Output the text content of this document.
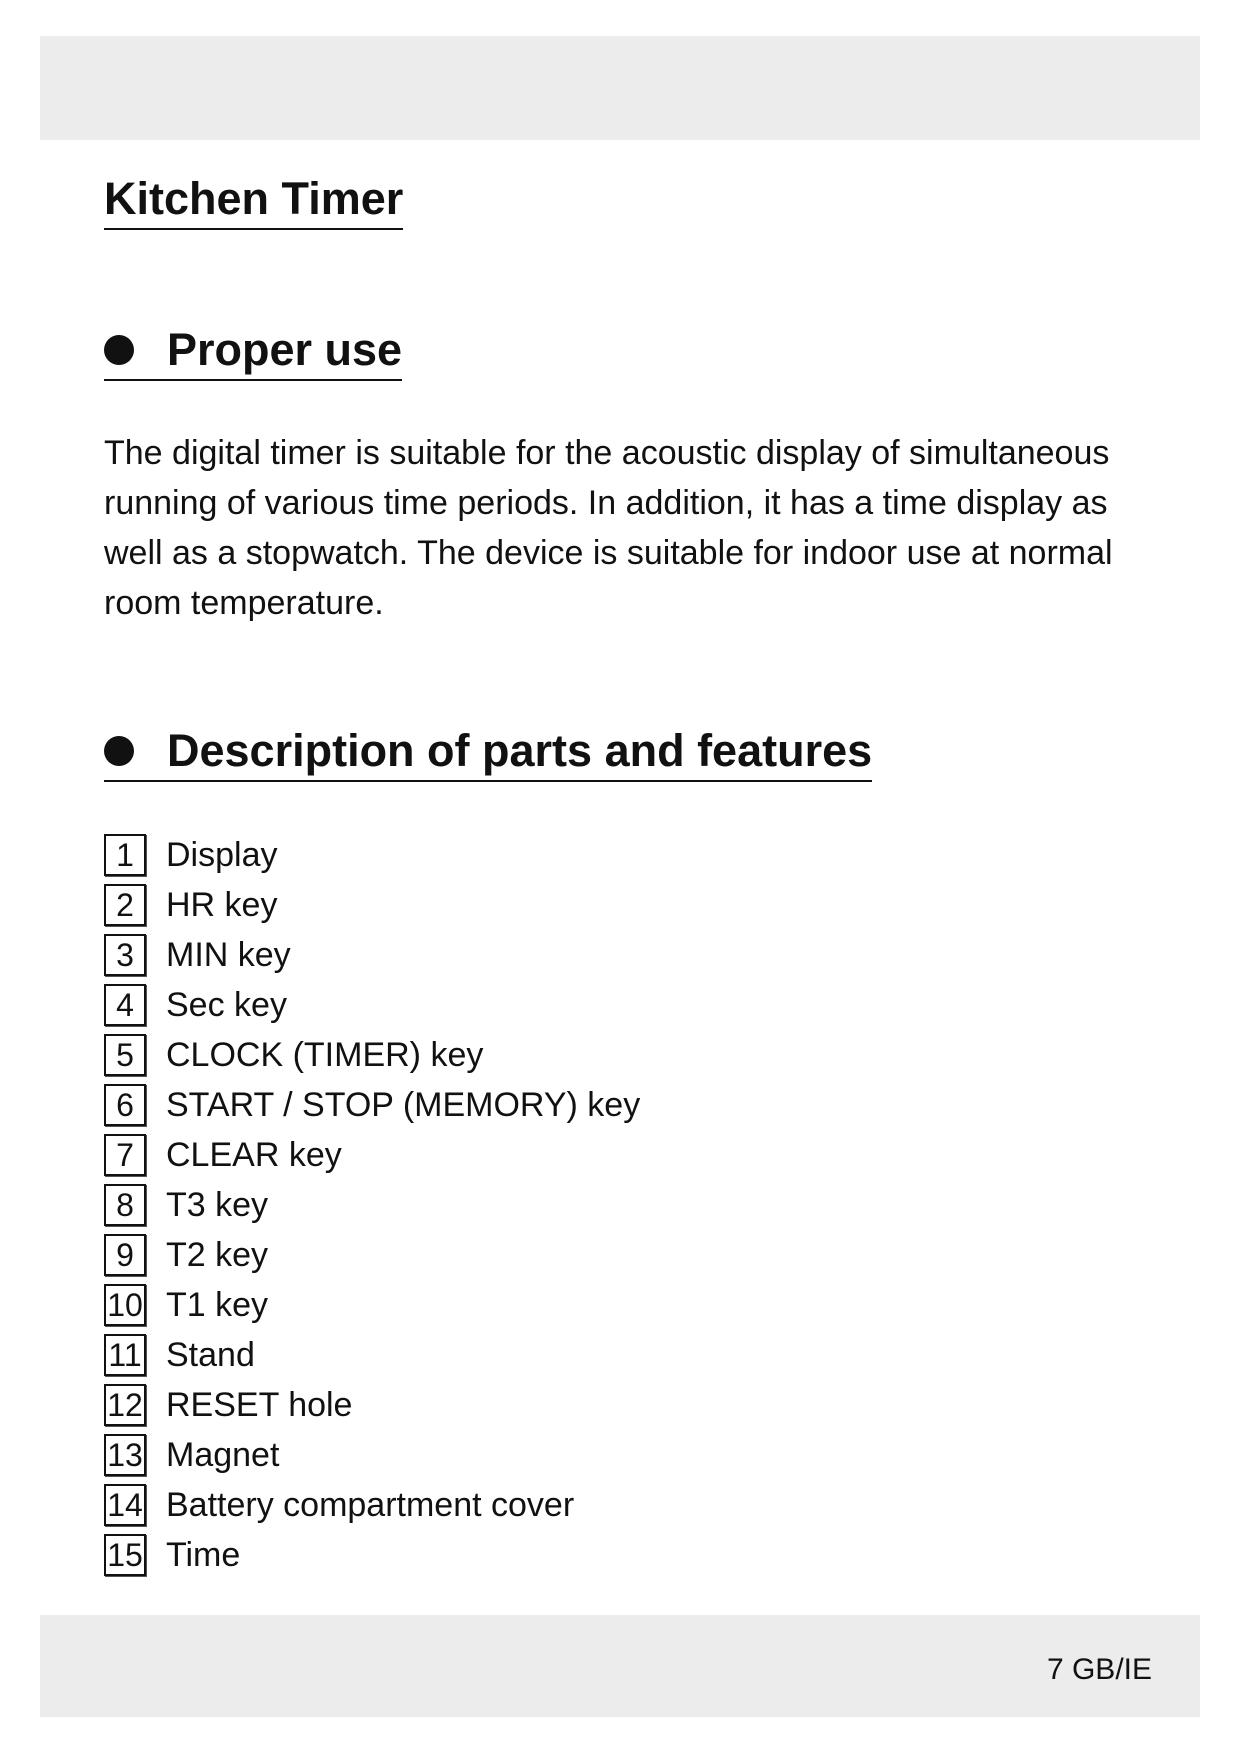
Kitchen Timer
Proper use

The digital timer is suitable for the acoustic display of simultaneous running of various time periods. In addition, it has a time display as well as a stopwatch. The device is suitable for indoor use at normal room temperature.

Description of parts and features
1 Display
2 HR key
3 MIN key
4 Sec key
5 CLOCK (TIMER) key
6 START / STOP (MEMORY) key
7 CLEAR key
8 T3 key
9 T2 key
10 T1 key
11 Stand
12 RESET hole
13 Magnet
14 Battery compartment cover
15 Time
7 GB/IE
